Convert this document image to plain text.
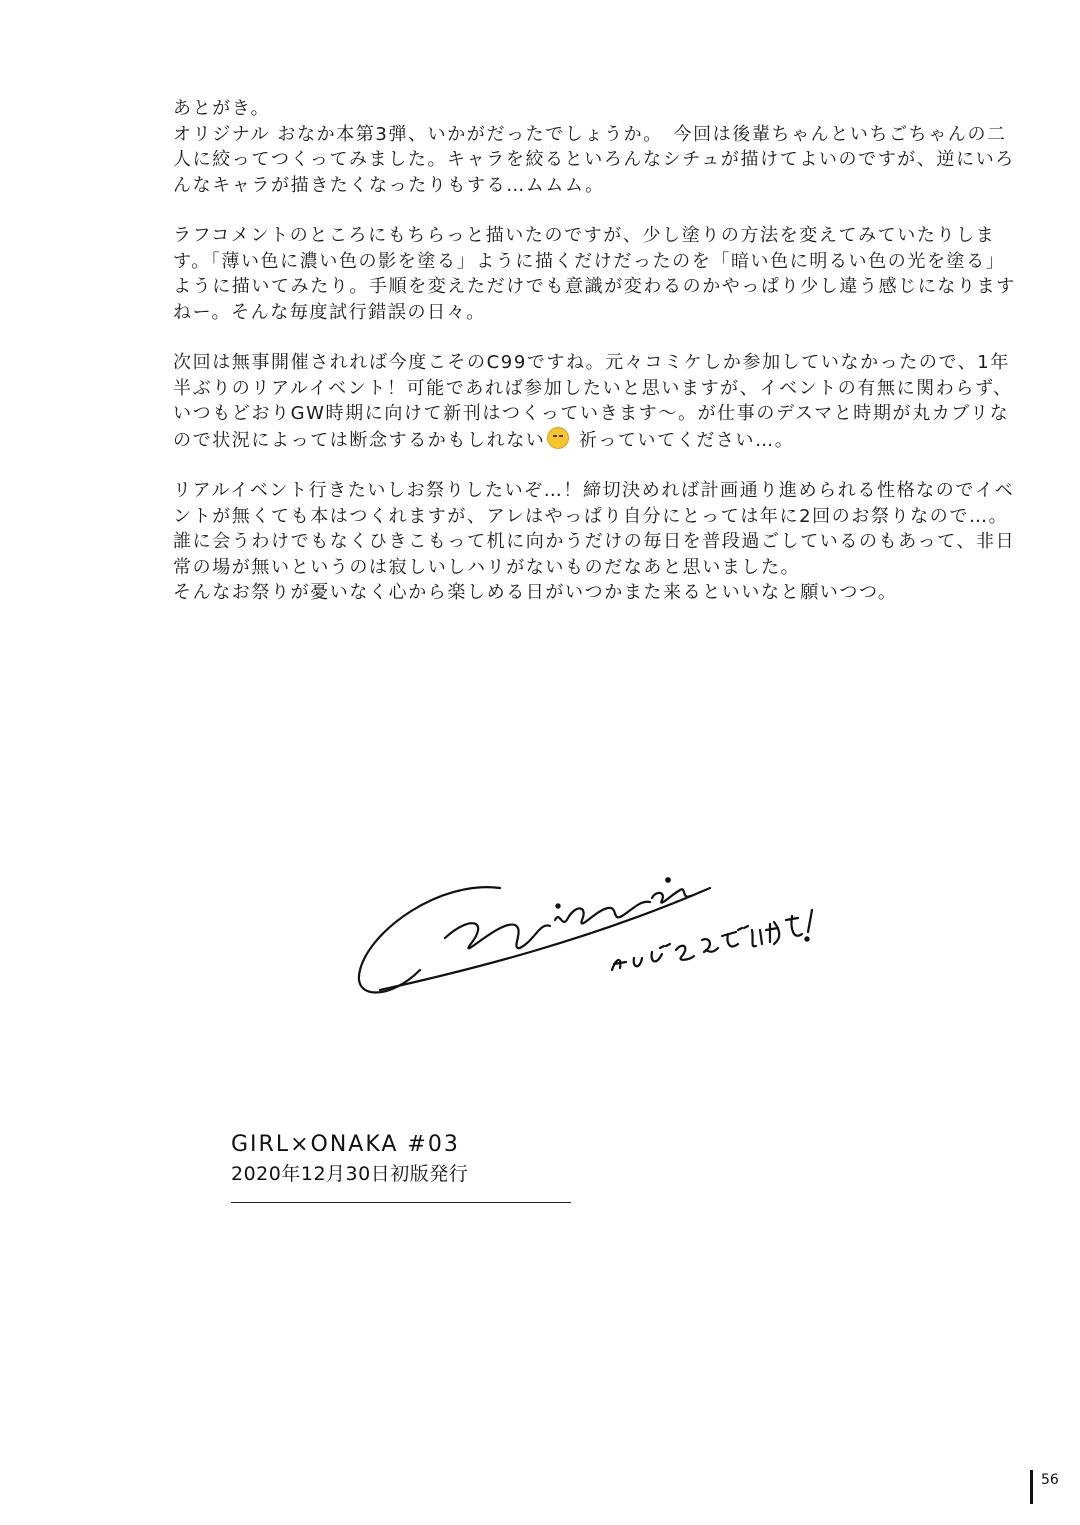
あとがき。
オリジナル おなか本第3弾、いかがだったでしょうか。　今回は後輩ちゃんといちごちゃんの二
人に絞ってつくってみました。キャラを絞るといろんなシチュが描けてよいのですが、逆にいろ
んなキャラが描きたくなったりもする…ムムム。

ラフコメントのところにもちらっと描いたのですが、少し塗りの方法を変えてみていたりしま
す。「薄い色に濃い色の影を塗る」ように描くだけだったのを「暗い色に明るい色の光を塗る」
ように描いてみたり。手順を変えただけでも意識が変わるのかやっぱり少し違う感じになります
ねー。そんな毎度試行錯誤の日々。

次回は無事開催されれば今度こそのC99ですね。元々コミケしか参加していなかったので、1年
半ぶりのリアルイベント！可能であれば参加したいと思いますが、イベントの有無に関わらず、
いつもどおりGW時期に向けて新刊はつくっていきます～。が仕事のデスマと時期が丸カブリな
ので状況によっては断念するかもしれない 祈っていてください…。

リアルイベント行きたいしお祭りしたいぞ…！締切決めれば計画通り進められる性格なのでイベ
ントが無くても本はつくれますが、アレはやっぱり自分にとっては年に2回のお祭りなので…。
誰に会うわけでもなくひきこもって机に向かうだけの毎日を普段過ごしているのもあって、非日
常の場が無いというのは寂しいしハリがないものだなあと思いました。
そんなお祭りが憂いなく心から楽しめる日がいつかまた来るといいなと願いつつ。

GIRL×ONAKA #03
2020年12月30日初版発行
56
